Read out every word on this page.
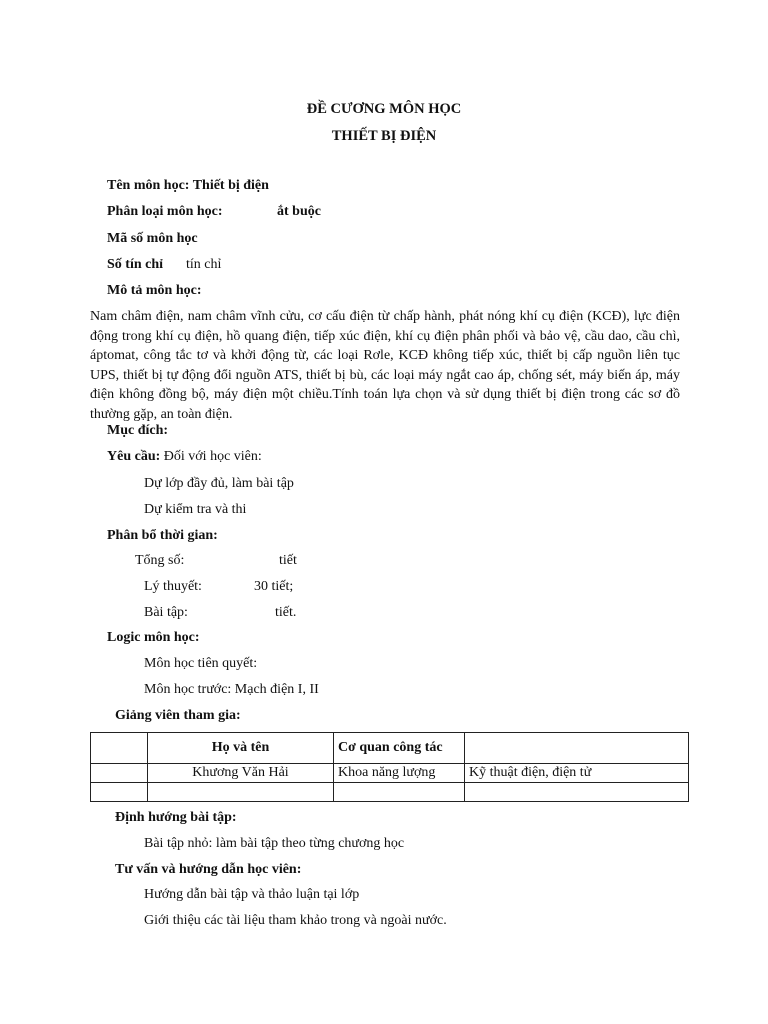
ĐỀ CƯƠNG MÔN HỌC
THIẾT BỊ ĐIỆN
Tên môn học: Thiết bị điện
Phân loại môn học:	ắt buộc
Mã số môn học
Số tín chỉ tín chỉ
Mô tả môn học:
Nam châm điện, nam châm vĩnh cửu, cơ cấu điện từ chấp hành, phát nóng khí cụ điện (KCĐ), lực điện động trong khí cụ điện, hồ quang điện, tiếp xúc điện, khí cụ điện phân phối và bảo vệ, cầu dao, cầu chì, áptomat, công tắc tơ và khởi động từ, các loại Rơle, KCĐ không tiếp xúc, thiết bị cấp nguồn liên tục UPS, thiết bị tự động đổi nguồn ATS, thiết bị bù, các loại máy ngắt cao áp, chống sét, máy biến áp, máy điện không đồng bộ, máy điện một chiều.Tính toán lựa chọn và sử dụng thiết bị điện trong các sơ đồ thường gặp, an toàn điện.
Mục đích:
Yêu cầu: Đối với học viên:
Dự lớp đầy đủ, làm bài tập
Dự kiểm tra và thi
Phân bổ thời gian:
Tổng số:	tiết
Lý thuyết:	30 tiết;
Bài tập:	tiết.
Logic môn học:
Môn học tiên quyết:
Môn học trước: Mạch điện I, II
Giảng viên tham gia:
	Họ và tên	Cơ quan công tác	
	Khương Văn Hải	Khoa năng lượng	Kỹ thuật điện, điện tử

Định hướng bài tập:
Bài tập nhỏ: làm bài tập theo từng chương học
Tư vấn và hướng dẫn học viên:
Hướng dẫn bài tập và thảo luận tại lớp
Giới thiệu các tài liệu tham khảo trong và ngoài nước.
